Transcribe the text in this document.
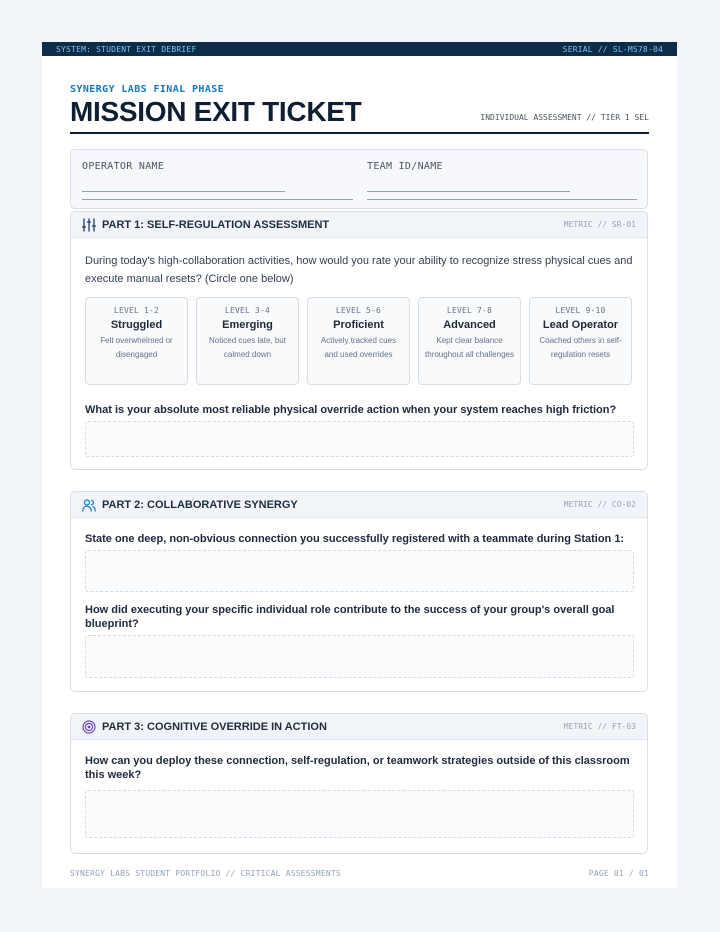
SYSTEM: STUDENT EXIT DEBRIEF	SERIAL // SL-MS78-04
SYNERGY LABS FINAL PHASE
MISSION EXIT TICKET	INDIVIDUAL ASSESSMENT // TIER 1 SEL
OPERATOR NAME	TEAM ID/NAME
PART 1: SELF-REGULATION ASSESSMENT	METRIC // SR-01
During today's high-collaboration activities, how would you rate your ability to recognize stress physical cues and execute manual resets? (Circle one below)
LEVEL 1-2
Struggled
Felt overwhelmed or disengaged
LEVEL 3-4
Emerging
Noticed cues late, but calmed down
LEVEL 5-6
Proficient
Actively tracked cues and used overrides
LEVEL 7-8
Advanced
Kept clear balance throughout all challenges
LEVEL 9-10
Lead Operator
Coached others in self-regulation resets
What is your absolute most reliable physical override action when your system reaches high friction?
PART 2: COLLABORATIVE SYNERGY	METRIC // CO-02
State one deep, non-obvious connection you successfully registered with a teammate during Station 1:
How did executing your specific individual role contribute to the success of your group's overall goal blueprint?
PART 3: COGNITIVE OVERRIDE IN ACTION	METRIC // FT-03
How can you deploy these connection, self-regulation, or teamwork strategies outside of this classroom this week?
SYNERGY LABS STUDENT PORTFOLIO // CRITICAL ASSESSMENTS	PAGE 01 / 01
